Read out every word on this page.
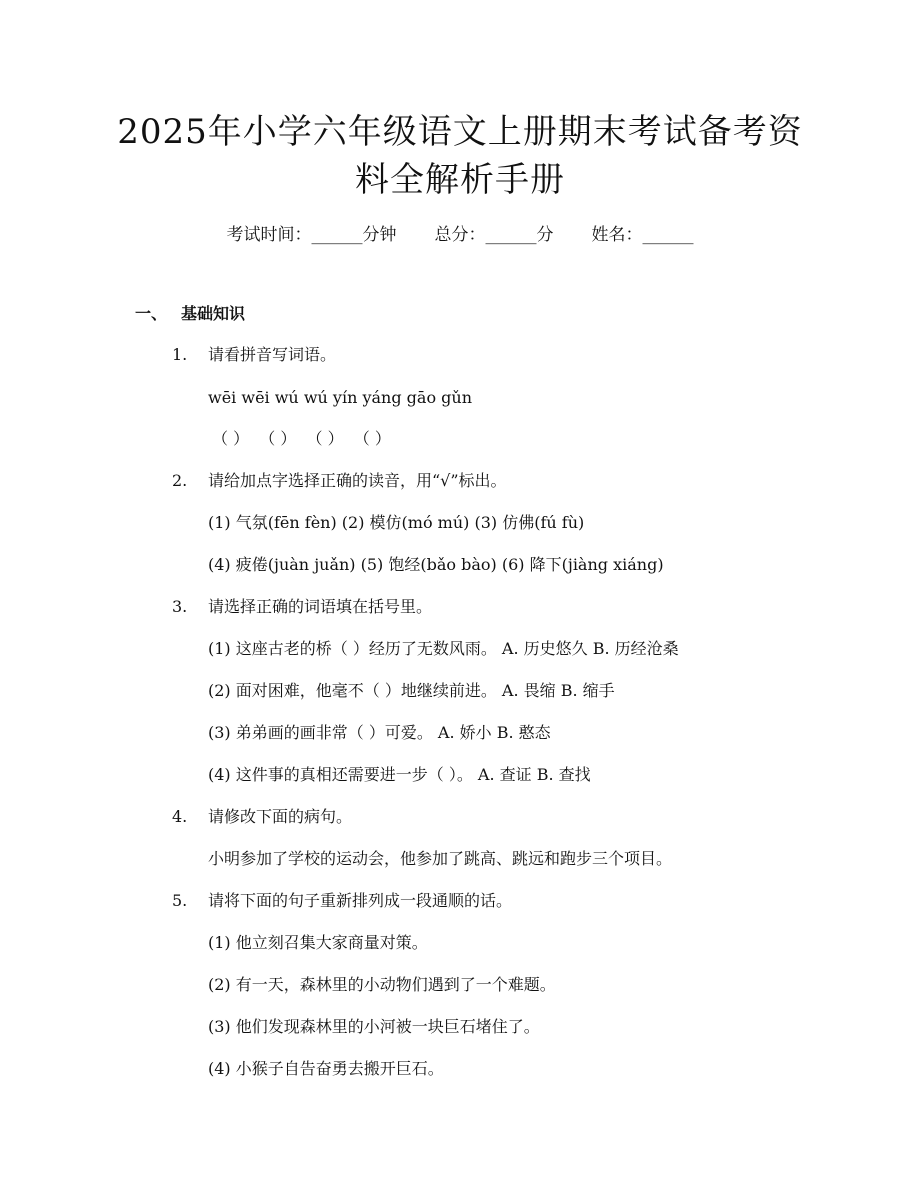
2025年小学六年级语文上册期末考试备考资
料全解析手册
考试时间：______分钟 总分：______分 姓名：______
一、 基础知识
1. 请看拼音写词语。
wēi wēi wú wú yín yáng gāo gǔn
（ ）  （ ）  （ ）  （ ）
2. 请给加点字选择正确的读音，用“√”标出。
(1) 气氛(fēn fèn) (2) 模仿(mó mú) (3) 仿佛(fú fù)
(4) 疲倦(juàn juǎn) (5) 饱经(bǎo bào) (6) 降下(jiàng xiáng)
3. 请选择正确的词语填在括号里。
(1) 这座古老的桥（ ）经历了无数风雨。 A. 历史悠久 B. 历经沧桑
(2) 面对困难，他毫不（ ）地继续前进。 A. 畏缩 B. 缩手
(3) 弟弟画的画非常（ ）可爱。 A. 娇小 B. 憨态
(4) 这件事的真相还需要进一步（ ）。 A. 查证 B. 查找
4. 请修改下面的病句。
小明参加了学校的运动会，他参加了跳高、跳远和跑步三个项目。
5. 请将下面的句子重新排列成一段通顺的话。
(1) 他立刻召集大家商量对策。
(2) 有一天，森林里的小动物们遇到了一个难题。
(3) 他们发现森林里的小河被一块巨石堵住了。
(4) 小猴子自告奋勇去搬开巨石。
